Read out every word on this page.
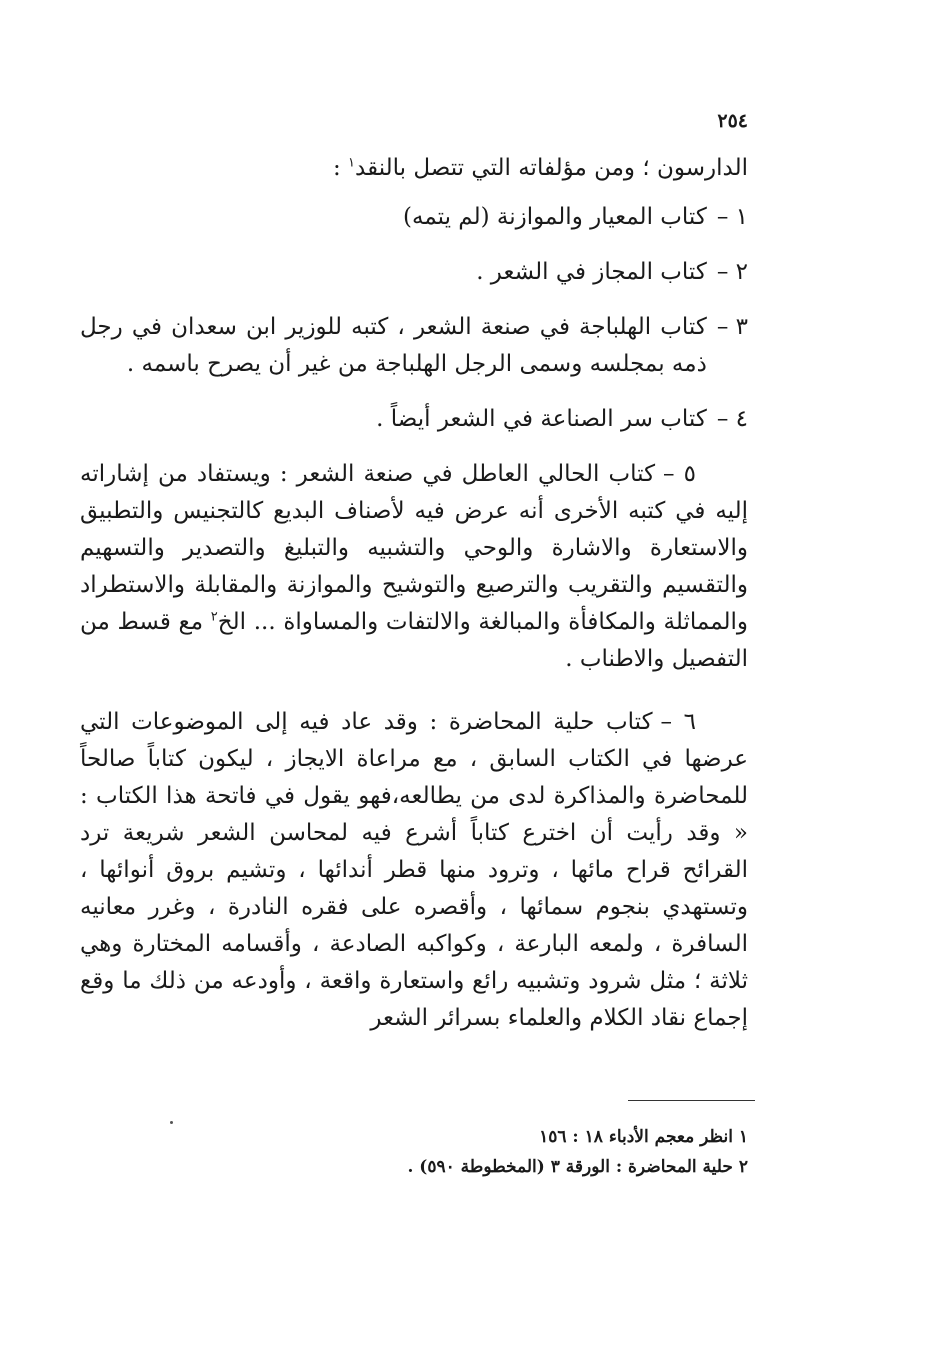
٢٥٤

الدارسون ؛ ومن مؤلفاته التي تتصل بالنقد$^١$ :

١ –
كتاب المعيار والموازنة (لم يتمه)
٢ –
كتاب المجاز في الشعر .
٣ –
كتاب الهلباجة في صنعة الشعر ، كتبه للوزير ابن سعدان في رجل ذمه بمجلسه وسمى الرجل الهلباجة من غير أن يصرح باسمه .
٤ –
كتاب سر الصناعة في الشعر أيضاً .

٥ –كتاب الحالي العاطل في صنعة الشعر : ويستفاد من إشاراته إليه في كتبه الأخرى أنه عرض فيه لأصناف البديع كالتجنيس والتطبيق والاستعارة والاشارة والوحي والتشبيه والتبليغ والتصدير والتسهيم والتقسيم والتقريب والترصيع والتوشيح والموازنة والمقابلة والاستطراد والمماثلة والمكافأة والمبالغة والالتفات والمساواة ... الخ$^٢$ مع قسط من التفصيل والاطناب .

٦ –كتاب حلية المحاضرة : وقد عاد فيه إلى الموضوعات التي عرضها في الكتاب السابق ، مع مراعاة الايجاز ، ليكون كتاباً صالحاً للمحاضرة والمذاكرة لدى من يطالعه،فهو يقول في فاتحة هذا الكتاب : « وقد رأيت أن اخترع كتاباً أشرع فيه لمحاسن الشعر شريعة ترد القرائح قراح مائها ، وترود منها قطر أندائها ، وتشيم بروق أنوائها ، وتستهدي بنجوم سمائها ، وأقصره على فقره النادرة ، وغرر معانيه السافرة ، ولمعه البارعة ، وكواكبه الصادعة ، وأقسامه المختارة وهي ثلاثة ؛ مثل شرود وتشبيه رائع واستعارة واقعة ، وأودعه من ذلك ما وقع إجماع نقاد الكلام والعلماء بسرائر الشعر

١ انظر معجم الأدباء ١٨ : ١٥٦

٢ حلية المحاضرة : الورقة ٣ (المخطوطة ٥٩٠) .
